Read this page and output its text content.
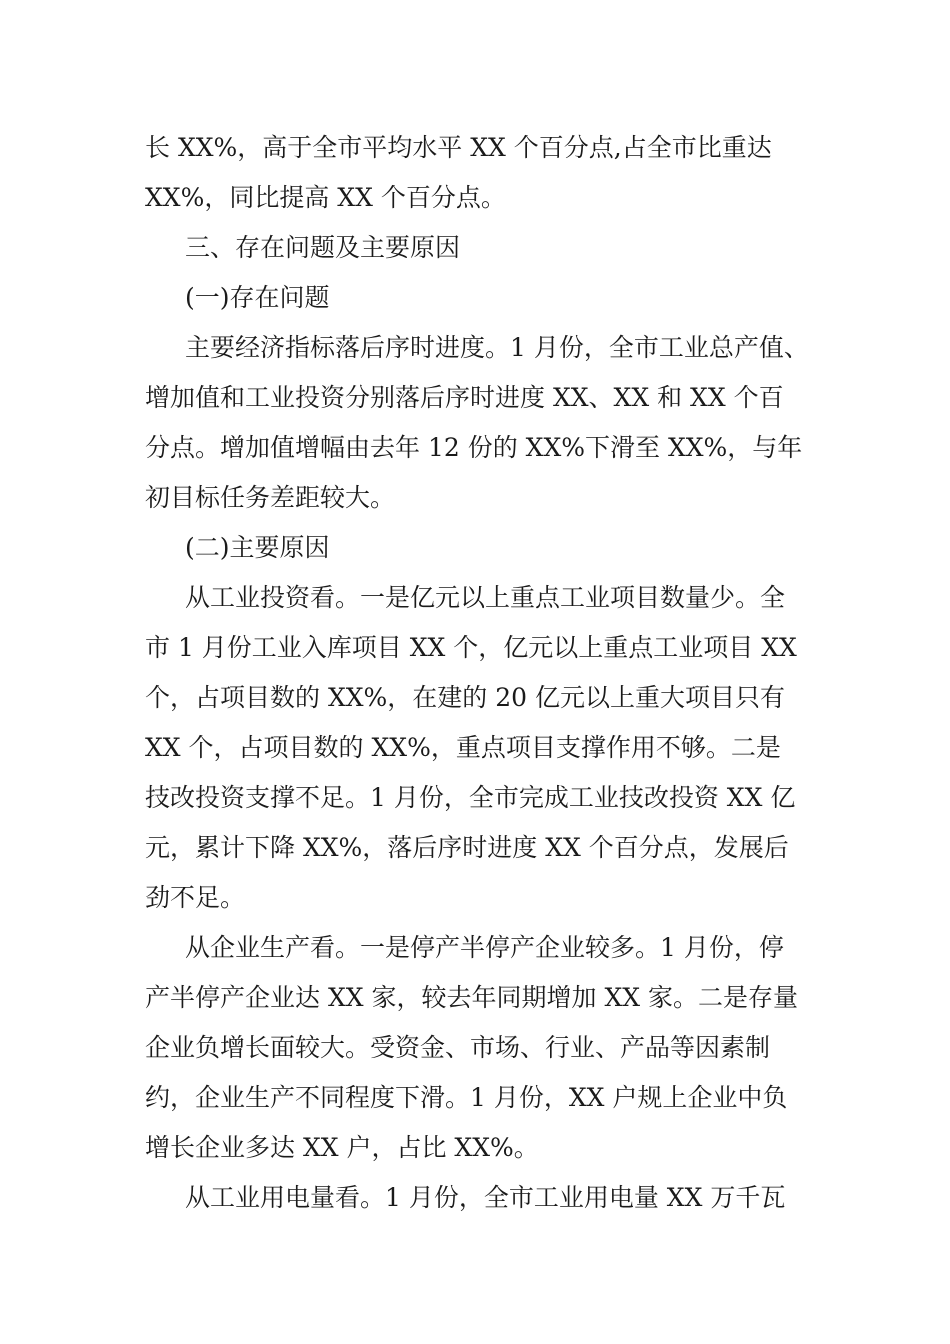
长 XX%，高于全市平均水平 XX 个百分点,占全市比重达
XX%，同比提高 XX 个百分点。
三、存在问题及主要原因
(一)存在问题
主要经济指标落后序时进度。1 月份，全市工业总产值、
增加值和工业投资分别落后序时进度 XX、XX 和 XX 个百
分点。增加值增幅由去年 12 份的 XX%下滑至 XX%，与年
初目标任务差距较大。
(二)主要原因
从工业投资看。一是亿元以上重点工业项目数量少。全
市 1 月份工业入库项目 XX 个，亿元以上重点工业项目 XX
个，占项目数的 XX%，在建的 20 亿元以上重大项目只有
XX 个，占项目数的 XX%，重点项目支撑作用不够。二是
技改投资支撑不足。1 月份，全市完成工业技改投资 XX 亿
元，累计下降 XX%，落后序时进度 XX 个百分点，发展后
劲不足。
从企业生产看。一是停产半停产企业较多。1 月份，停
产半停产企业达 XX 家，较去年同期增加 XX 家。二是存量
企业负增长面较大。受资金、市场、行业、产品等因素制
约，企业生产不同程度下滑。1 月份，XX 户规上企业中负
增长企业多达 XX 户，占比 XX%。
从工业用电量看。1 月份，全市工业用电量 XX 万千瓦
